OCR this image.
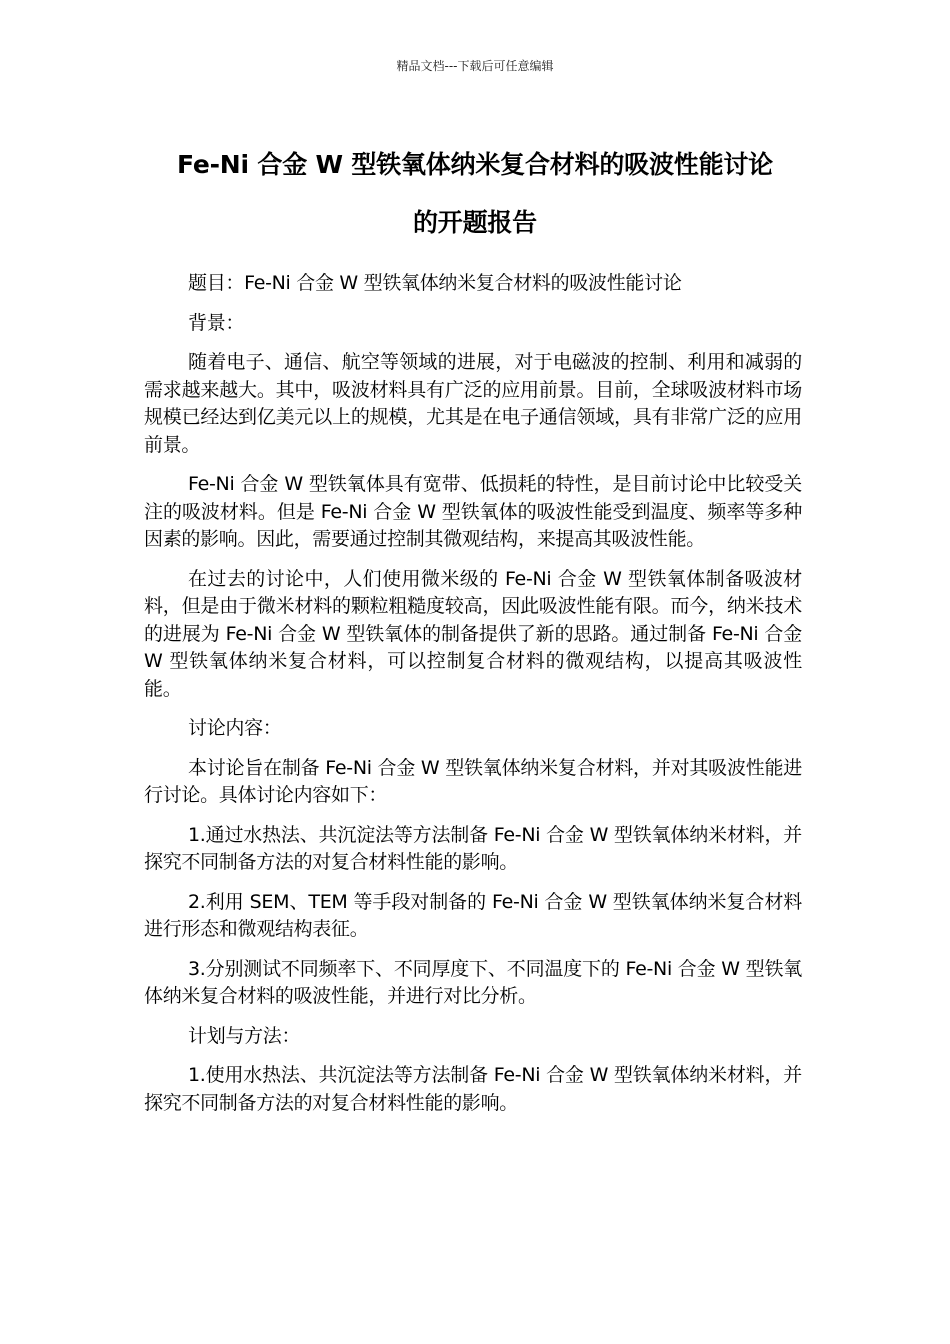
精品文档---下载后可任意编辑
Fe-Ni 合金 W 型铁氧体纳米复合材料的吸波性能讨论
的开题报告

题目：Fe-Ni 合金 W 型铁氧体纳米复合材料的吸波性能讨论

背景：

随着电子、通信、航空等领域的进展，对于电磁波的控制、利用和减弱的需求越来越大。其中，吸波材料具有广泛的应用前景。目前，全球吸波材料市场规模已经达到亿美元以上的规模，尤其是在电子通信领域，具有非常广泛的应用前景。

Fe-Ni 合金 W 型铁氧体具有宽带、低损耗的特性，是目前讨论中比较受关注的吸波材料。但是 Fe-Ni 合金 W 型铁氧体的吸波性能受到温度、频率等多种因素的影响。因此，需要通过控制其微观结构，来提高其吸波性能。

在过去的讨论中，人们使用微米级的 Fe-Ni 合金 W 型铁氧体制备吸波材料，但是由于微米材料的颗粒粗糙度较高，因此吸波性能有限。而今，纳米技术的进展为 Fe-Ni 合金 W 型铁氧体的制备提供了新的思路。通过制备 Fe-Ni 合金 W 型铁氧体纳米复合材料，可以控制复合材料的微观结构，以提高其吸波性能。

讨论内容：

本讨论旨在制备 Fe-Ni 合金 W 型铁氧体纳米复合材料，并对其吸波性能进行讨论。具体讨论内容如下：

1.通过水热法、共沉淀法等方法制备 Fe-Ni 合金 W 型铁氧体纳米材料，并探究不同制备方法的对复合材料性能的影响。

2.利用 SEM、TEM 等手段对制备的 Fe-Ni 合金 W 型铁氧体纳米复合材料进行形态和微观结构表征。

3.分别测试不同频率下、不同厚度下、不同温度下的 Fe-Ni 合金 W 型铁氧体纳米复合材料的吸波性能，并进行对比分析。

计划与方法：

1.使用水热法、共沉淀法等方法制备 Fe-Ni 合金 W 型铁氧体纳米材料，并探究不同制备方法的对复合材料性能的影响。
